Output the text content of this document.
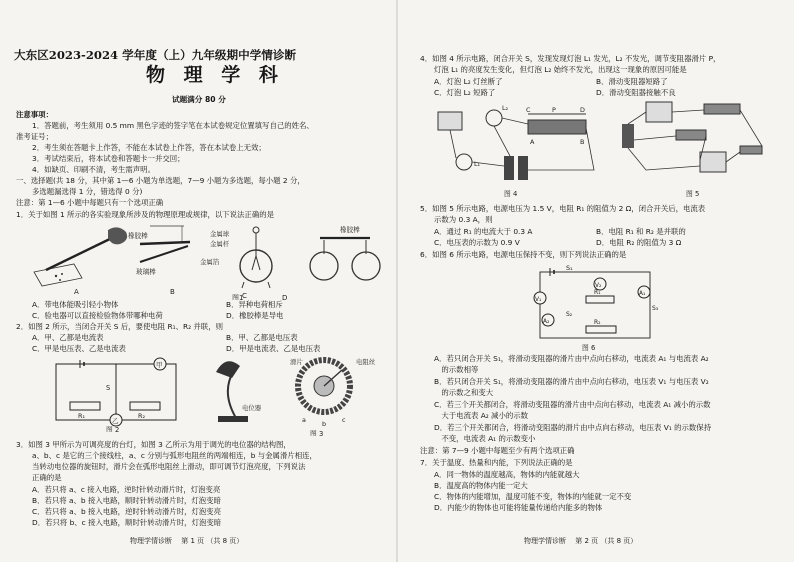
大东区2023-2024 学年度（上）九年级期中学情诊断
物 理 学 科
试题满分 80 分
注意事项：
1．答题前，考生须用 0.5 mm 黑色字迹的签字笔在本试卷规定位置填写自己的姓名、
准考证号；
2．考生须在答题卡上作答，不能在本试卷上作答，答在本试卷上无效；
3．考试结束后，将本试卷和答题卡一并交回；
4．如缺页、印刷不清，考生需声明。
一、选择题(共 18 分，其中第 1—6 小题为单选题，7—9 小题为多选题，每小题 2 分，
多选题漏选得 1 分，错选得 0 分)
注意：第 1—6 小题中每题只有一个选项正确
1．关于如图 1 所示的各实验现象所涉及的物理原理或规律，以下说法正确的是
A
橡胶棒
玻璃棒
B
金属球
金属杆
金属箔
C
橡胶棒
D
图1
A．带电体能吸引轻小物体	B．异种电荷相斥
C．验电器可以直接检验物体带哪种电荷	D．橡胶棒是导电
2．如图 2 所示，当闭合开关 S 后，要使电阻 R₁、R₂ 并联，则
A．甲、乙都是电流表	B．甲、乙都是电压表
C．甲是电压表、乙是电流表	D．甲是电流表、乙是电压表
甲
S
R₁	R₂
乙
图 2
电位器
滑片	电阻丝
a	b c
图 3
3．如图 3 甲所示为可调亮度的台灯，如图 3 乙所示为用于调光的电位器的结构图，
a、b、c 是它的三个接线柱，a、c 分别与弧形电阻丝的两端相连，b 与金属滑片相连，
当转动电位器的旋钮时，滑片会在弧形电阻丝上滑动，即可调节灯泡亮度，下列说法
正确的是
A．若只将 a、c 接入电路，逆时针转动滑片时，灯泡变亮
B．若只将 a、b 接入电路，顺时针转动滑片时，灯泡变暗
C．若只将 a、b 接入电路，逆时针转动滑片时，灯泡变亮
D．若只将 b、c 接入电路，顺时针转动滑片时，灯泡变暗
物理学情诊断　 第 1 页 （共 8 页）
4．如图 4 所示电路，闭合开关 S，发现发现灯泡 L₁ 发光，L₂ 不发光，调节变阻器滑片 P，
灯泡 L₁ 的亮度发生变化，但灯泡 L₂ 始终不发光，出现这一现象的原因可能是
A．灯泡 L₂ 灯丝断了	B．滑动变阻器短路了
C．灯泡 L₂ 短路了	D．滑动变阻器接触不良
L₂	C	P	D
A	B
L₁
图 4	图 5
5．如图 5 所示电路，电源电压为 1.5 V，电阻 R₁ 的阻值为 2 Ω，闭合开关后，电流表
示数为 0.3 A，则
A．通过 R₁ 的电流大于 0.3 A	B．电阻 R₁ 和 R₂ 是并联的
C．电压表的示数为 0.9 V	D．电阻 R₂ 的阻值为 3 Ω
6．如图 6 所示电路，电源电压保持不变，则下列说法正确的是
S₁
V₂
V₁
R₁	A₁
S₃
A₂
S₂
R₂
图 6
A．若只闭合开关 S₁，将滑动变阻器的滑片由中点向右移动，电流表 A₁ 与电流表 A₂
　的示数相等
B．若只闭合开关 S₁，将滑动变阻器的滑片由中点向右移动，电压表 V₁ 与电压表 V₂
　的示数之和变大
C．若三个开关都闭合，将滑动变阻器的滑片由中点向右移动，电流表 A₁ 减小的示数
　大于电流表 A₂ 减小的示数
D．若三个开关都闭合，将滑动变阻器的滑片由中点向右移动，电压表 V₁ 的示数保持
　不变，电流表 A₁ 的示数变小
注意：第 7—9 小题中每题至少有两个选项正确
7．关于温度、热量和内能，下列说法正确的是
A．同一物体的温度越高，物体的内能就越大
B．温度高的物体内能一定大
C．物体的内能增加，温度可能不变，物体的内能就一定不变
D．内能少的物体也可能将能量传递给内能多的物体
物理学情诊断　 第 2 页 （共 8 页）
